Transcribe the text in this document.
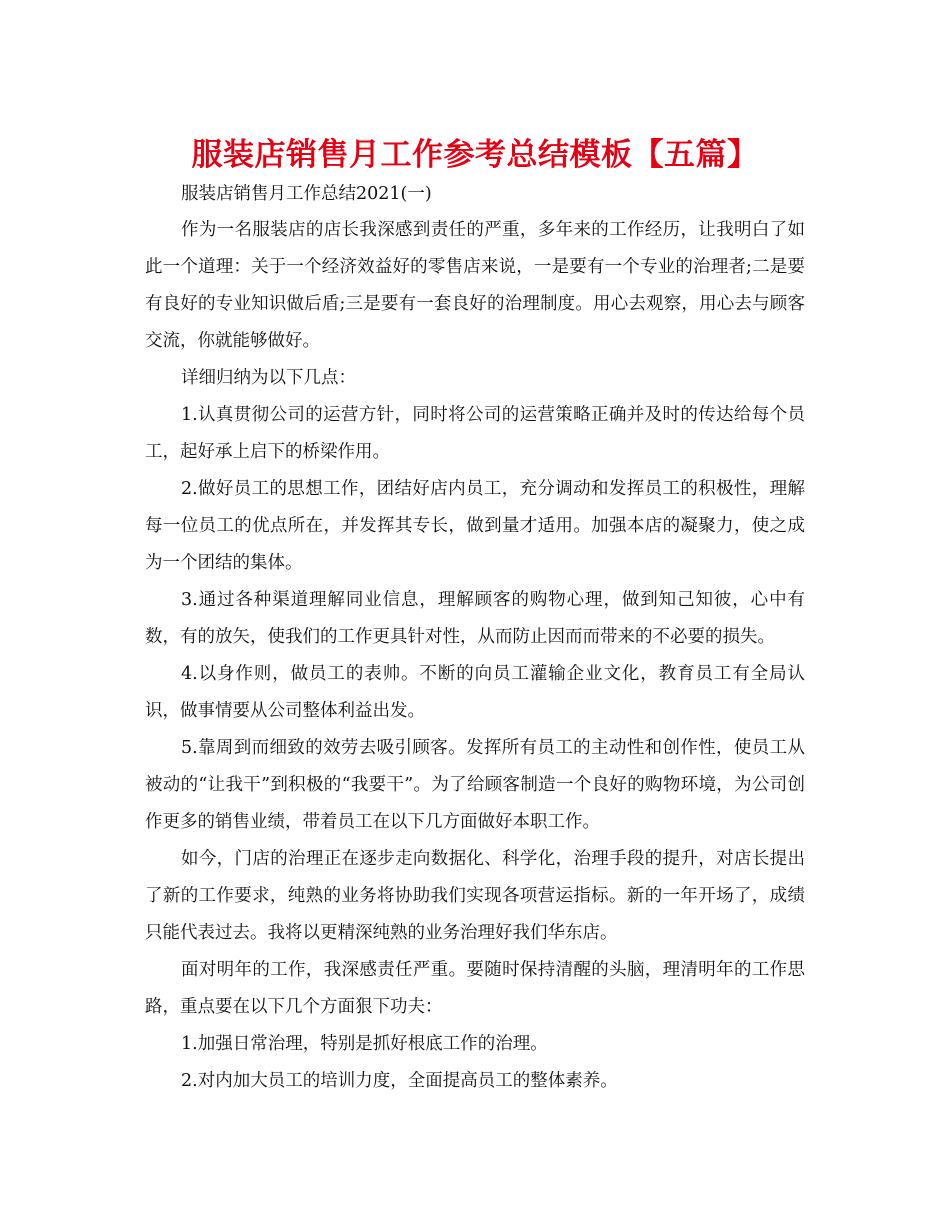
服装店销售月工作参考总结模板【五篇】

服装店销售月工作总结2021(一)

作为一名服装店的店长我深感到责任的严重，多年来的工作经历，让我明白了如此一个道理：关于一个经济效益好的零售店来说，一是要有一个专业的治理者;二是要有良好的专业知识做后盾;三是要有一套良好的治理制度。用心去观察，用心去与顾客交流，你就能够做好。

详细归纳为以下几点：

1.认真贯彻公司的运营方针，同时将公司的运营策略正确并及时的传达给每个员工，起好承上启下的桥梁作用。

2.做好员工的思想工作，团结好店内员工，充分调动和发挥员工的积极性，理解每一位员工的优点所在，并发挥其专长，做到量才适用。加强本店的凝聚力，使之成为一个团结的集体。

3.通过各种渠道理解同业信息，理解顾客的购物心理，做到知己知彼，心中有数，有的放矢，使我们的工作更具针对性，从而防止因而而带来的不必要的损失。

4.以身作则，做员工的表帅。不断的向员工灌输企业文化，教育员工有全局认识，做事情要从公司整体利益出发。

5.靠周到而细致的效劳去吸引顾客。发挥所有员工的主动性和创作性，使员工从被动的“让我干”到积极的“我要干”。为了给顾客制造一个良好的购物环境，为公司创作更多的销售业绩，带着员工在以下几方面做好本职工作。

如今，门店的治理正在逐步走向数据化、科学化，治理手段的提升，对店长提出了新的工作要求，纯熟的业务将协助我们实现各项营运指标。新的一年开场了，成绩只能代表过去。我将以更精深纯熟的业务治理好我们华东店。

面对明年的工作，我深感责任严重。要随时保持清醒的头脑，理清明年的工作思路，重点要在以下几个方面狠下功夫：

1.加强日常治理，特别是抓好根底工作的治理。

2.对内加大员工的培训力度，全面提高员工的整体素养。
